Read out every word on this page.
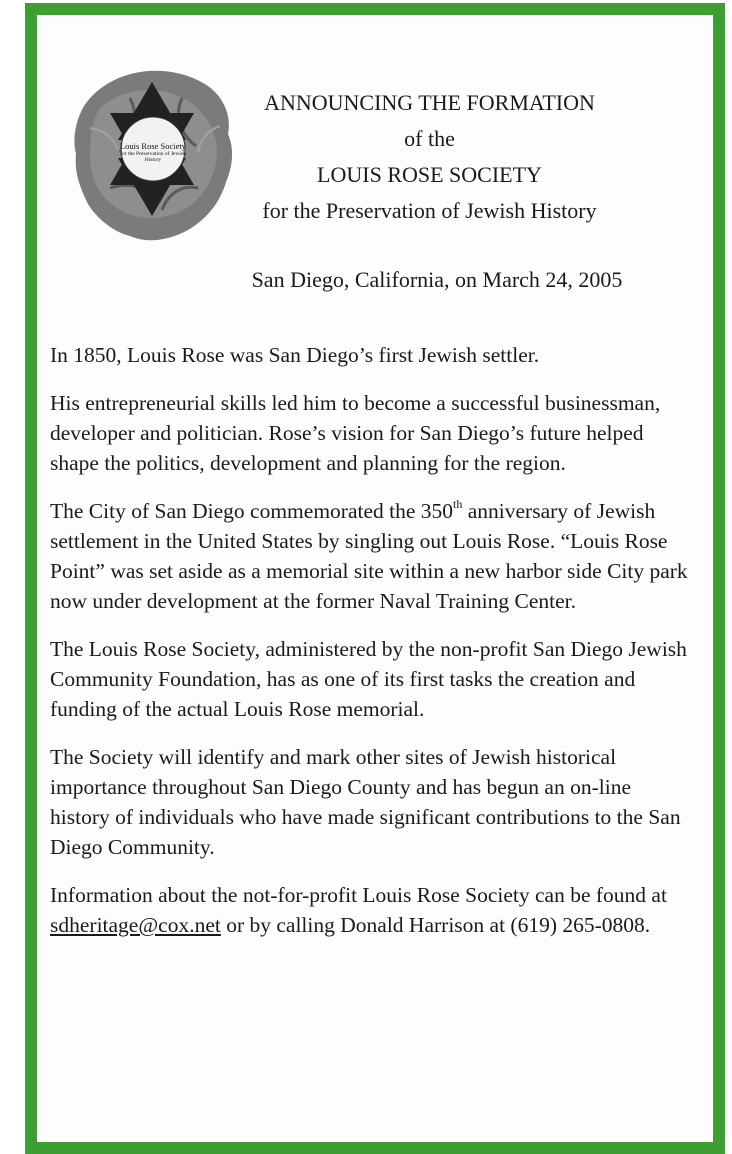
Louis Rose Society
for the Preservation of Jewish History
ANNOUNCING THE FORMATION
of the
LOUIS ROSE SOCIETY
for the Preservation of Jewish History
San Diego, California, on March 24, 2005

In 1850, Louis Rose was San Diego’s first Jewish settler.

His entrepreneurial skills led him to become a successful businessman, developer and politician. Rose’s vision for San Diego’s future helped shape the politics, development and planning for the region.

The City of San Diego commemorated the 350th anniversary of Jewish settlement in the United States by singling out Louis Rose. “Louis Rose Point” was set aside as a memorial site within a new harbor side City park now under development at the former Naval Training Center.

The Louis Rose Society, administered by the non-profit San Diego Jewish Community Foundation, has as one of its first tasks the creation and funding of the actual Louis Rose memorial.

The Society will identify and mark other sites of Jewish historical importance throughout San Diego County and has begun an on-line history of individuals who have made significant contributions to the San Diego Community.

Information about the not-for-profit Louis Rose Society can be found at sdheritage@cox.net or by calling Donald Harrison at (619) 265-0808.
